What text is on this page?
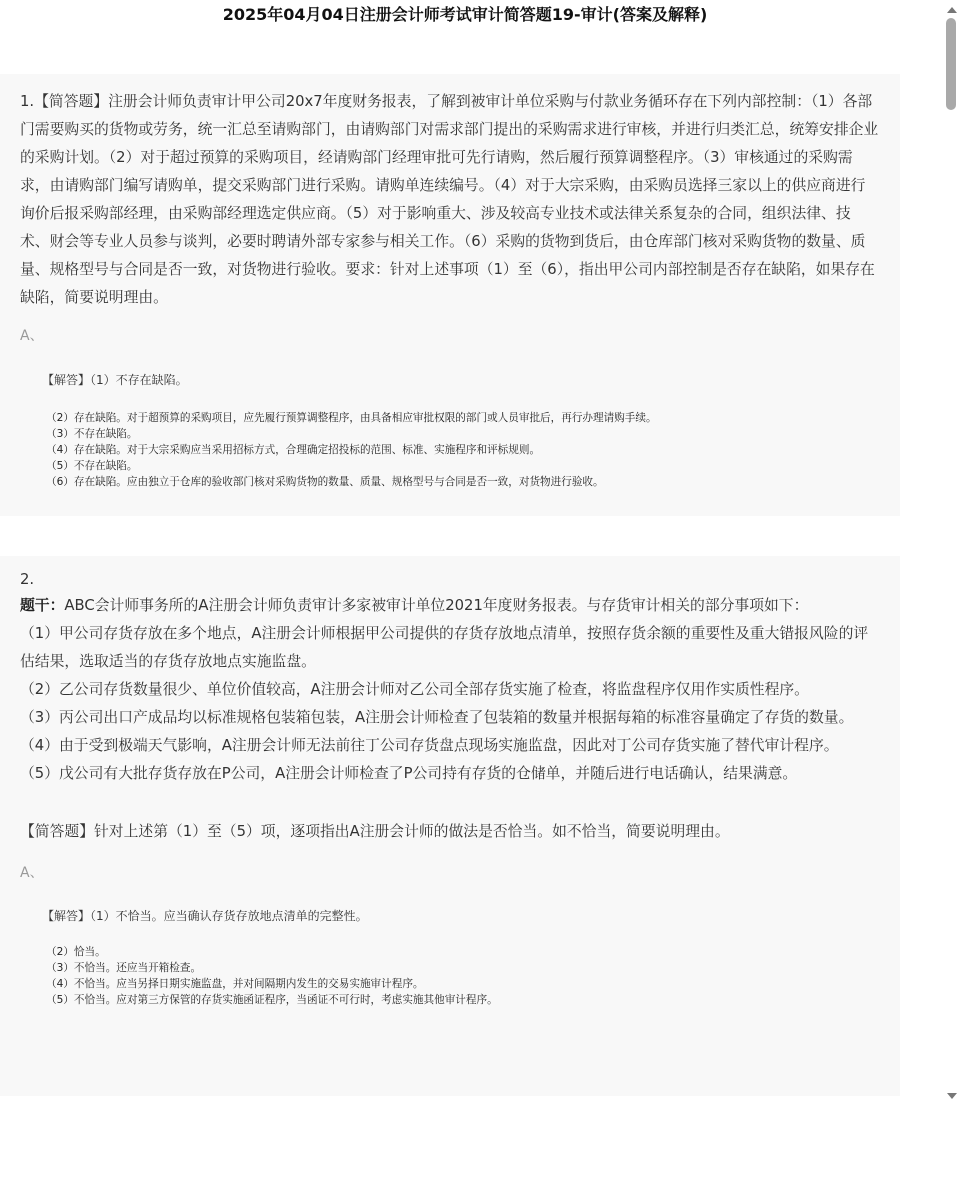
2025年04月04日注册会计师考试审计简答题19-审计(答案及解释)
1.【简答题】注册会计师负责审计甲公司20x7年度财务报表，了解到被审计单位采购与付款业务循环存在下列内部控制：（1）各部门需要购买的货物或劳务，统一汇总至请购部门，由请购部门对需求部门提出的采购需求进行审核，并进行归类汇总，统筹安排企业的采购计划。（2）对于超过预算的采购项目，经请购部门经理审批可先行请购，然后履行预算调整程序。（3）审核通过的采购需求，由请购部门编写请购单，提交采购部门进行采购。请购单连续编号。（4）对于大宗采购，由采购员选择三家以上的供应商进行询价后报采购部经理，由采购部经理选定供应商。（5）对于影响重大、涉及较高专业技术或法律关系复杂的合同，组织法律、技术、财会等专业人员参与谈判，必要时聘请外部专家参与相关工作。（6）采购的货物到货后，由仓库部门核对采购货物的数量、质量、规格型号与合同是否一致，对货物进行验收。要求：针对上述事项（1）至（6），指出甲公司内部控制是否存在缺陷，如果存在缺陷，简要说明理由。
A、
【解答】（1）不存在缺陷。
（2）存在缺陷。对于超预算的采购项目，应先履行预算调整程序，由具备相应审批权限的部门或人员审批后，再行办理请购手续。
（3）不存在缺陷。
（4）存在缺陷。对于大宗采购应当采用招标方式，合理确定招投标的范围、标准、实施程序和评标规则。
（5）不存在缺陷。
（6）存在缺陷。应由独立于仓库的验收部门核对采购货物的数量、质量、规格型号与合同是否一致，对货物进行验收。
2.
题干：ABC会计师事务所的A注册会计师负责审计多家被审计单位2021年度财务报表。与存货审计相关的部分事项如下：
（1）甲公司存货存放在多个地点，A注册会计师根据甲公司提供的存货存放地点清单，按照存货余额的重要性及重大错报风险的评估结果，选取适当的存货存放地点实施监盘。
（2）乙公司存货数量很少、单位价值较高，A注册会计师对乙公司全部存货实施了检查，将监盘程序仅用作实质性程序。
（3）丙公司出口产成品均以标准规格包装箱包装，A注册会计师检查了包装箱的数量并根据每箱的标准容量确定了存货的数量。
（4）由于受到极端天气影响，A注册会计师无法前往丁公司存货盘点现场实施监盘，因此对丁公司存货实施了替代审计程序。
（5）戊公司有大批存货存放在P公司，A注册会计师检查了P公司持有存货的仓储单，并随后进行电话确认，结果满意。
【简答题】针对上述第（1）至（5）项，逐项指出A注册会计师的做法是否恰当。如不恰当，简要说明理由。
A、
【解答】（1）不恰当。应当确认存货存放地点清单的完整性。
（2）恰当。
（3）不恰当。还应当开箱检查。
（4）不恰当。应当另择日期实施监盘，并对间隔期内发生的交易实施审计程序。
（5）不恰当。应对第三方保管的存货实施函证程序，当函证不可行时，考虑实施其他审计程序。
